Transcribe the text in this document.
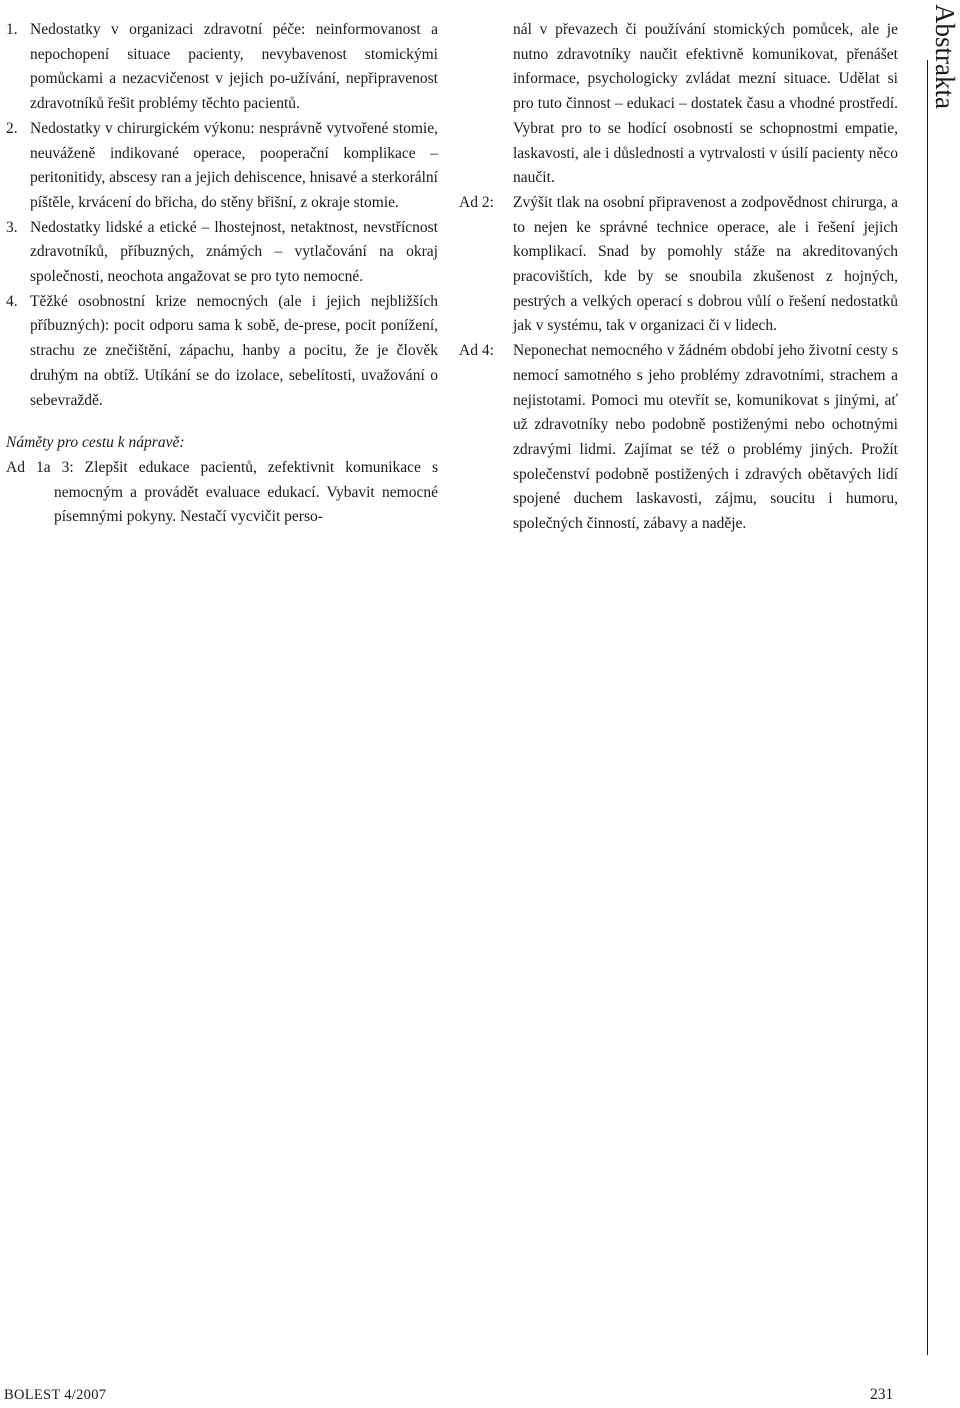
1. Nedostatky v organizaci zdravotní péče: neinformovanost a nepochopení situace pacienty, nevybavenost stomickými pomůckami a nezacvičenost v jejich po-užívání, nepřipravenost zdravotníků řešit problémy těchto pacientů.
2. Nedostatky v chirurgickém výkonu: nesprávně vytvořené stomie, neuváženě indikované operace, pooperační komplikace – peritonitidy, abscesy ran a jejich dehiscence, hnisavé a sterkorální píštěle, krvácení do břicha, do stěny břišní, z okraje stomie.
3. Nedostatky lidské a etické – lhostejnost, netaktnost, nevstřícnost zdravotníků, příbuzných, známých – vytlačování na okraj společnosti, neochota angažovat se pro tyto nemocné.
4. Těžké osobnostní krize nemocných (ale i jejich nejbližších příbuzných): pocit odporu sama k sobě, de-prese, pocit ponížení, strachu ze znečištění, zápachu, hanby a pocitu, že je člověk druhým na obtíž. Utíkání se do izolace, sebelítosti, uvažování o sebevraždě.
Náměty pro cestu k nápravě:
Ad 1a 3: Zlepšit edukace pacientů, zefektivnit komunikace s nemocným a provádět evaluace edukací. Vybavit nemocné písemnými pokyny. Nestačí vycvičit perso-
nál v převazech či používání stomických pomůcek, ale je nutno zdravotníky naučit efektivně komunikovat, přenášet informace, psychologicky zvládat mezní situace. Udělat si pro tuto činnost – edukaci – dostatek času a vhodné prostředí. Vybrat pro to se hodící osobnosti se schopnostmi empatie, laskavosti, ale i důslednosti a vytrvalosti v úsilí pacienty něco naučit.
Ad 2: Zvýšit tlak na osobní připravenost a zodpovědnost chirurga, a to nejen ke správné technice operace, ale i řešení jejich komplikací. Snad by pomohly stáže na akreditovaných pracovištích, kde by se snoubila zkušenost z hojných, pestrých a velkých operací s dobrou vůlí o řešení nedostatků jak v systému, tak v organizaci či v lidech.
Ad 4: Neponechat nemocného v žádném období jeho životní cesty s nemocí samotného s jeho problémy zdravotními, strachem a nejistotami. Pomoci mu otevřít se, komunikovat s jinými, ať už zdravotníky nebo podobně postiženými nebo ochotnými zdravými lidmi. Zajímat se též o problémy jiných. Prožít společenství podobně postižených i zdravých obětavých lidí spojené duchem laskavosti, zájmu, soucitu i humoru, společných činností, zábavy a naděje.
Abstrakta
BOLEST 4/2007	231
